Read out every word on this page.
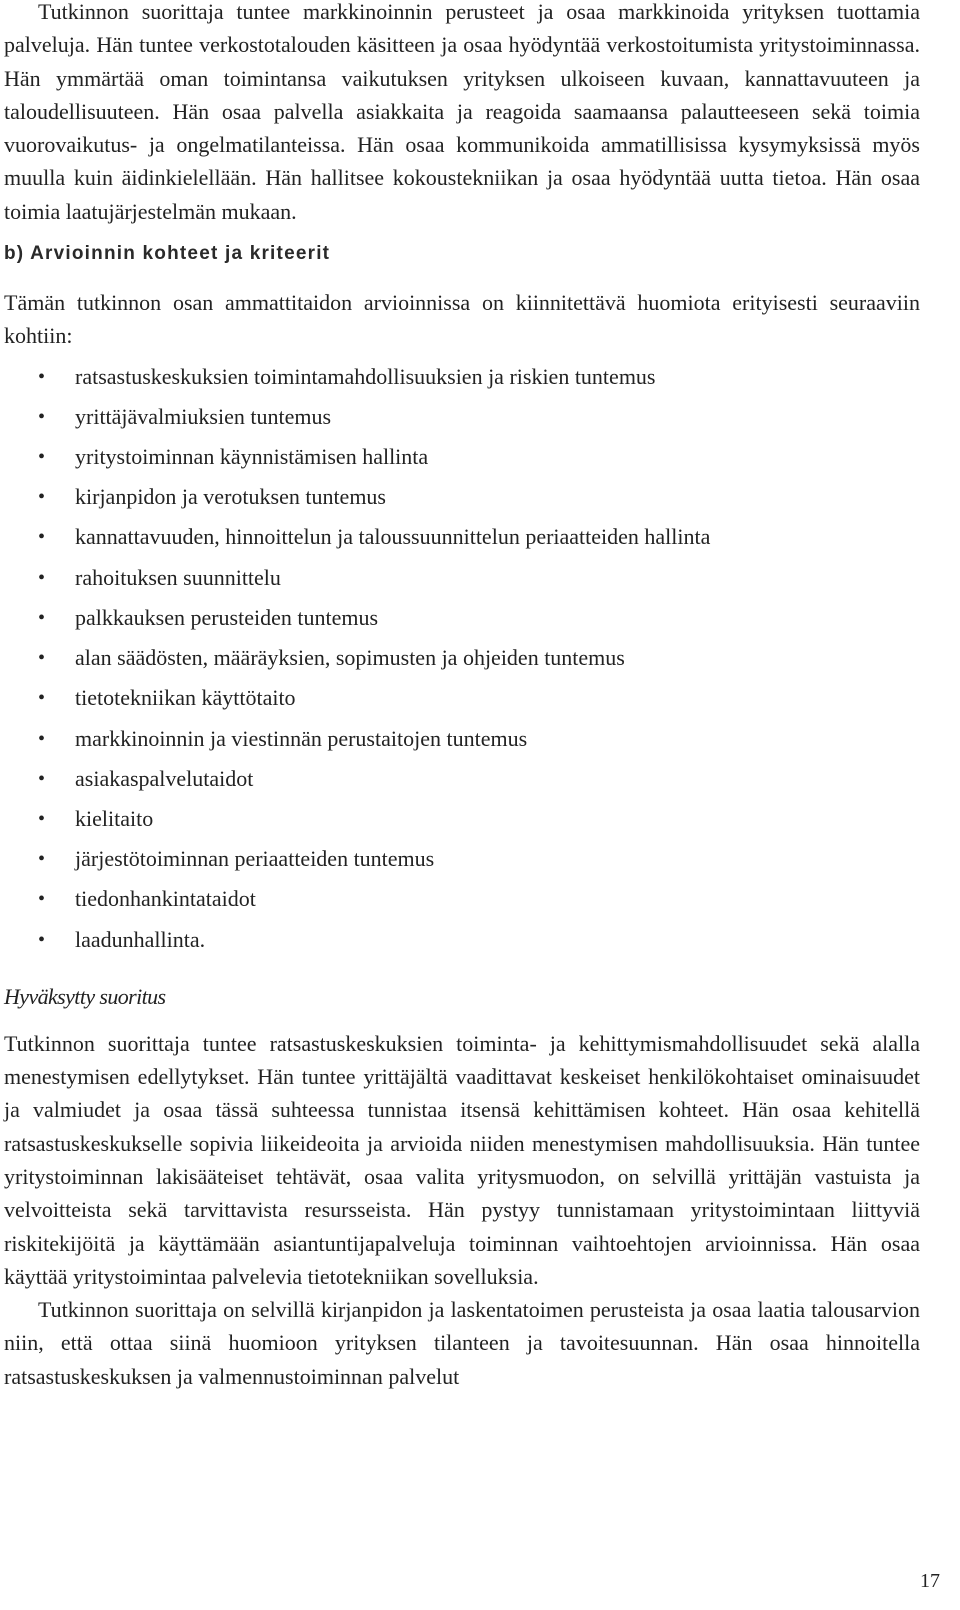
Tutkinnon suorittaja tuntee markkinoinnin perusteet ja osaa markkinoida yrityksen tuottamia palveluja. Hän tuntee verkostotalouden käsitteen ja osaa hyödyntää verkostoitumista yritystoiminnassa. Hän ymmärtää oman toimintansa vaikutuksen yrityksen ulkoiseen kuvaan, kannattavuuteen ja taloudellisuuteen. Hän osaa palvella asiakkaita ja reagoida saamaansa palautteeseen sekä toimia vuorovaikutus- ja ongelmatilanteissa. Hän osaa kommunikoida ammatillisissa kysymyksissä myös muulla kuin äidinkielellään. Hän hallitsee kokoustekniikan ja osaa hyödyntää uutta tietoa. Hän osaa toimia laatujärjestelmän mukaan.

b) Arvioinnin kohteet ja kriteerit

Tämän tutkinnon osan ammattitaidon arvioinnissa on kiinnitettävä huomiota erityisesti seuraaviin kohtiin:

• ratsastuskeskuksien toimintamahdollisuuksien ja riskien tuntemus
• yrittäjävalmiuksien tuntemus
• yritystoiminnan käynnistämisen hallinta
• kirjanpidon ja verotuksen tuntemus
• kannattavuuden, hinnoittelun ja taloussuunnittelun periaatteiden hallinta
• rahoituksen suunnittelu
• palkkauksen perusteiden tuntemus
• alan säädösten, määräyksien, sopimusten ja ohjeiden tuntemus
• tietotekniikan käyttötaito
• markkinoinnin ja viestinnän perustaitojen tuntemus
• asiakaspalvelutaidot
• kielitaito
• järjestötoiminnan periaatteiden tuntemus
• tiedonhankintataidot
• laadunhallinta.
Hyväksytty suoritus

Tutkinnon suorittaja tuntee ratsastuskeskuksien toiminta- ja kehittymismahdollisuudet sekä alalla menestymisen edellytykset. Hän tuntee yrittäjältä vaadittavat keskeiset henkilökohtaiset ominaisuudet ja valmiudet ja osaa tässä suhteessa tunnistaa itsensä kehittämisen kohteet. Hän osaa kehitellä ratsastuskeskukselle sopivia liikeideoita ja arvioida niiden menestymisen mahdollisuuksia. Hän tuntee yritystoiminnan lakisääteiset tehtävät, osaa valita yritysmuodon, on selvillä yrittäjän vastuista ja velvoitteista sekä tarvittavista resursseista. Hän pystyy tunnistamaan yritystoimintaan liittyviä riskitekijöitä ja käyttämään asiantuntijapalveluja toiminnan vaihtoehtojen arvioinnissa. Hän osaa käyttää yritystoimintaa palvelevia tietotekniikan sovelluksia.

Tutkinnon suorittaja on selvillä kirjanpidon ja laskentatoimen perusteista ja osaa laatia talousarvion niin, että ottaa siinä huomioon yrityksen tilanteen ja tavoitesuunnan. Hän osaa hinnoitella ratsastuskeskuksen ja valmennustoiminnan palvelut

17
